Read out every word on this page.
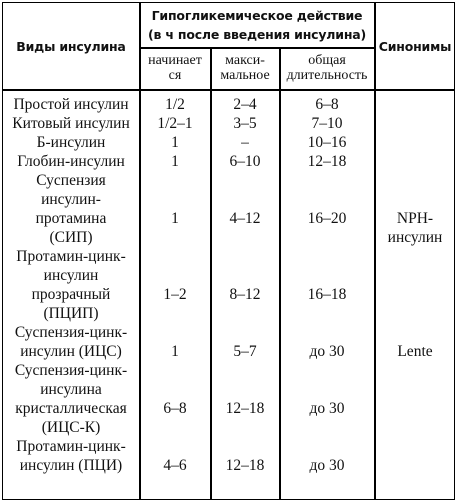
Виды инсулина
Гипогликемическое действие
(в ч после введения инсулина)
Синонимы
начинает
ся
макси-
мальное
общая
длительность
Простой инсулин
Китовый инсулин
Б-инсулин
Глобин-инсулин
Суспензия
инсулин-
протамина
(СИП)
Протамин-цинк-
инсулин
прозрачный
(ПЦИП)
Суспензия-цинк-
инсулин (ИЦС)
Суспензия-цинк-
инсулина
кристаллическая
(ИЦС-К)
Протамин-цинк-
инсулин (ПЦИ)
1/2
1/2–1
1
1
1
1–2
1
6–8
4–6
2–4
3–5
–
6–10
4–12
8–12
5–7
12–18
12–18
6–8
7–10
10–16
12–18
16–20
16–18
до 30
до 30
до 30
NPH-
инсулин
Lente
